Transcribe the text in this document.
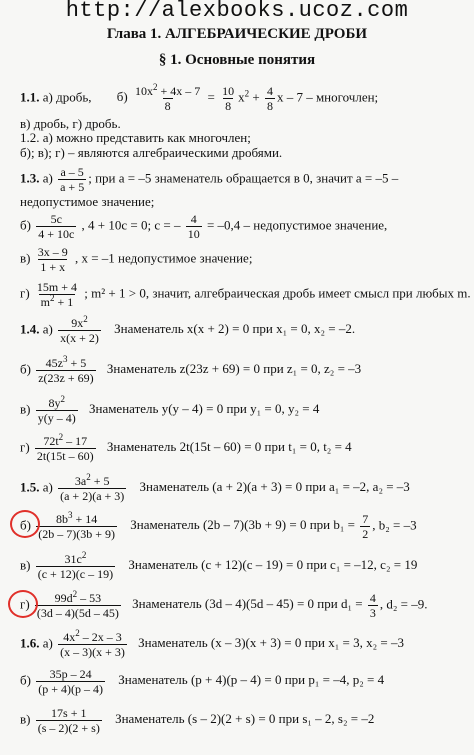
http://alexbooks.ucoz.com
Глава 1. АЛГЕБРАИЧЕСКИЕ ДРОБИ
§ 1. Основные понятия
1.1. а) дробь, $б) \frac{10x^2 + 4x - 7}{8} = \frac{10}{8} x^2 + \frac{4}{8}$ x – 7 – многочлен;
в) дробь, г) дробь.
1.2. а) можно представить как многочлен;
б); в); г) – являются алгебраическими дробями.
1.3. $а) \frac{a - 5}{a + 5}$ ; при a = –5 знаменатель обращается в 0, значит a = –5 –
недопустимое значение;
$б) \frac{5c}{4 + 10c}$ , 4 + 10c = 0; c = – $\frac{4}{10} = -0,4$ – недопустимое значение,
$в) \frac{3x - 9}{1 + x}$ , x = –1 недопустимое значение;
$г) \frac{15m + 4}{m^2 + 1}$ ; m² + 1 > 0, значит, алгебраическая дробь имеет смысл при любых m.
1.4. $а) \frac{9x^2}{x(x + 2)}$ Знаменатель x(x + 2) = 0 при x₁ = 0, x₂ = –2.
$б) \frac{45z^3 + 5}{z(23z + 69)}$ Знаменатель z(23z + 69) = 0 при z₁ = 0, z₂ = –3
$в) \frac{8y^2}{y(y - 4)}$ Знаменатель y(y – 4) = 0 при y₁ = 0, y₂ = 4
$г) \frac{72t^2 - 17}{2t(15t - 60)}$ Знаменатель 2t(15t – 60) = 0 при t₁ = 0, t₂ = 4
1.5. $а) \frac{3a^2 + 5}{(a + 2)(a + 3)}$ Знаменатель (a + 2)(a + 3) = 0 при a₁ = –2, a₂ = –3
$б) \frac{8b^3 + 14}{(2b - 7)(3b + 9)}$ Знаменатель (2b – 7)(3b + 9) = 0 при $b_1 = \frac{7}{2}$ , b₂ = –3
$в) \frac{31c^2}{(c + 12)(c - 19)}$ Знаменатель (c + 12)(c – 19) = 0 при c₁ = –12, c₂ = 19
$г) \frac{99d^2 - 53}{(3d - 4)(5d - 45)}$ Знаменатель (3d – 4)(5d – 45) = 0 при $d_1 = \frac{4}{3}$ , d₂ = –9.
1.6. $а) \frac{4x^2 - 2x - 3}{(x - 3)(x + 3)}$ Знаменатель (x – 3)(x + 3) = 0 при x₁ = 3, x₂ = –3
$б) \frac{35p - 24}{(p + 4)(p - 4)}$ Знаменатель (p + 4)(p – 4) = 0 при p₁ = –4, p₂ = 4
$в) \frac{17s + 1}{(s - 2)(2 + s)}$ Знаменатель (s – 2)(2 + s) = 0 при s₁ – 2, s₂ = –2
